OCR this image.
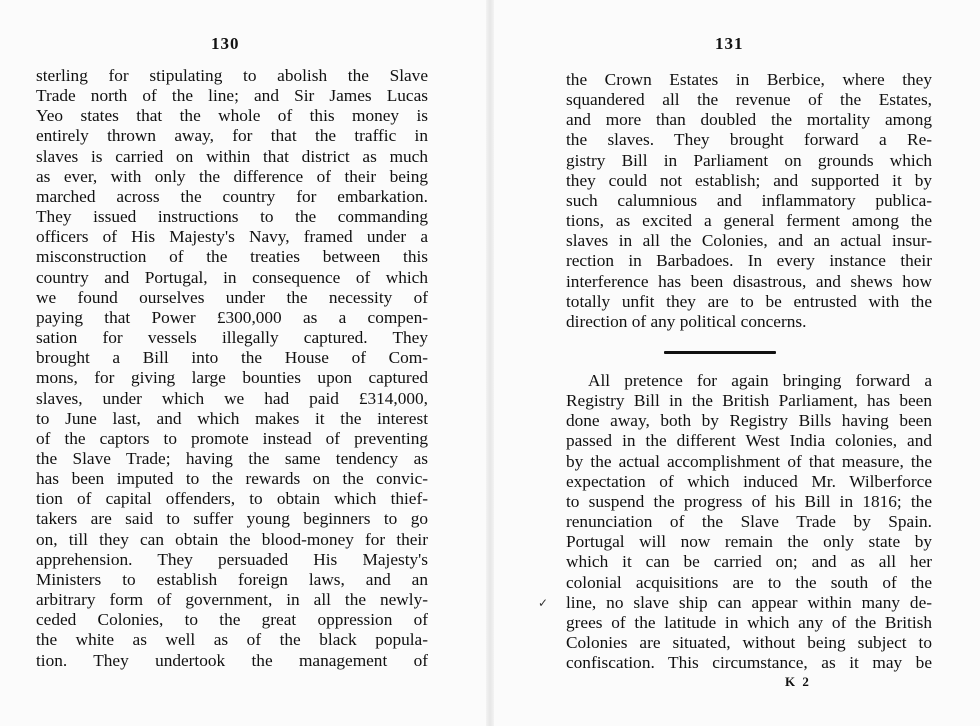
130
sterling for stipulating to abolish the Slave
Trade north of the line; and Sir James Lucas
Yeo states that the whole of this money is
entirely thrown away, for that the traffic in
slaves is carried on within that district as much
as ever, with only the difference of their being
marched across the country for embarkation.
They issued instructions to the commanding
officers of His Majesty's Navy, framed under a
misconstruction of the treaties between this
country and Portugal, in consequence of which
we found ourselves under the necessity of
paying that Power £300,000 as a compen-
sation for vessels illegally captured. They
brought a Bill into the House of Com-
mons, for giving large bounties upon captured
slaves, under which we had paid £314,000,
to June last, and which makes it the interest
of the captors to promote instead of preventing
the Slave Trade; having the same tendency as
has been imputed to the rewards on the convic-
tion of capital offenders, to obtain which thief-
takers are said to suffer young beginners to go
on, till they can obtain the blood-money for their
apprehension. They persuaded His Majesty's
Ministers to establish foreign laws, and an
arbitrary form of government, in all the newly-
ceded Colonies, to the great oppression of
the white as well as of the black popula-
tion. They undertook the management of
131
the Crown Estates in Berbice, where they
squandered all the revenue of the Estates,
and more than doubled the mortality among
the slaves. They brought forward a Re-
gistry Bill in Parliament on grounds which
they could not establish; and supported it by
such calumnious and inflammatory publica-
tions, as excited a general ferment among the
slaves in all the Colonies, and an actual insur-
rection in Barbadoes. In every instance their
interference has been disastrous, and shews how
totally unfit they are to be entrusted with the
direction of any political concerns.
All pretence for again bringing forward a
Registry Bill in the British Parliament, has been
done away, both by Registry Bills having been
passed in the different West India colonies, and
by the actual accomplishment of that measure, the
expectation of which induced Mr. Wilberforce
to suspend the progress of his Bill in 1816; the
renunciation of the Slave Trade by Spain.
Portugal will now remain the only state by
which it can be carried on; and as all her
colonial acquisitions are to the south of the
line, no slave ship can appear within many de-
grees of the latitude in which any of the British
Colonies are situated, without being subject to
confiscation. This circumstance, as it may be
✓
K 2
